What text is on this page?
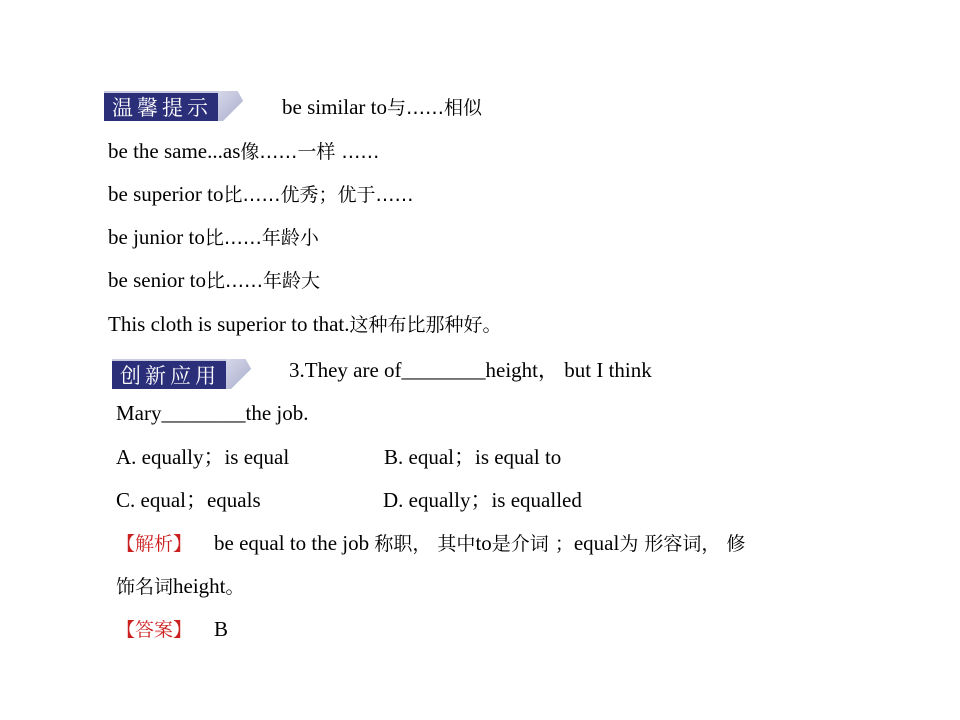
温馨提示	be similar to与……相似
be the same...as像……一样 ……
be superior to比……优秀；优于……
be junior to比……年龄小
be senior to比……年龄大
This cloth is superior to that.这种布比那种好。
创新应用	3.They are of________height， but I think
Mary________the job.
A. equally；is equal	B. equal；is equal to
C. equal；equals	D. equally；is equalled
【解析】 be equal to the job 称职， 其中to是介词 ；equal为 形容词， 修
饰名词height。
【答案】 B
